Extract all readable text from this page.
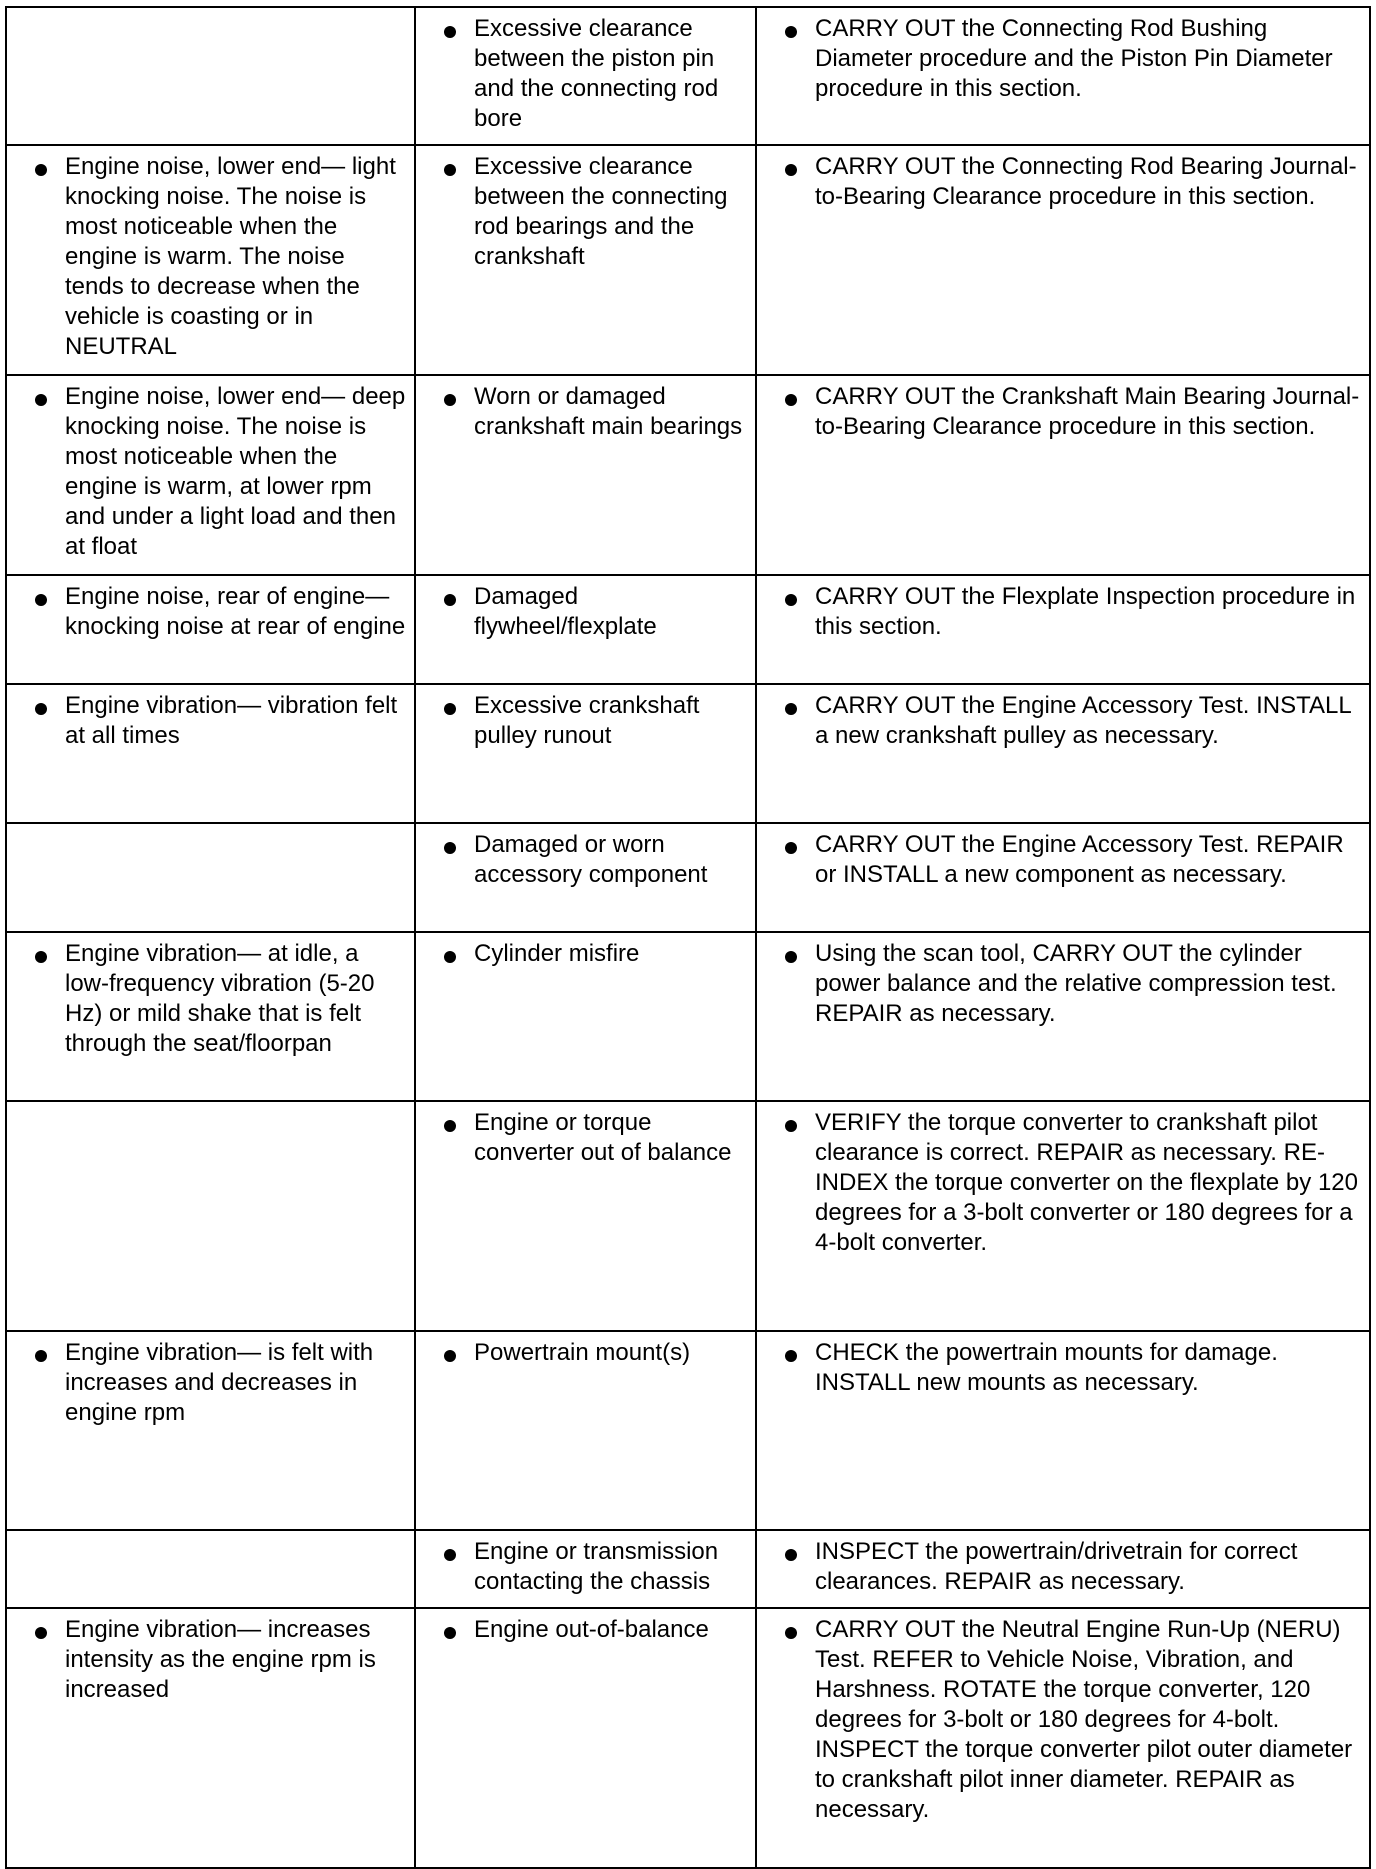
	Excessive clearance between the piston pin and the connecting rod bore	CARRY OUT the Connecting Rod Bushing Diameter procedure and the Piston Pin Diameter procedure in this section.

Engine noise, lower end— light knocking noise. The noise is most noticeable when the engine is warm. The noise tends to decrease when the vehicle is coasting or in NEUTRAL	Excessive clearance between the connecting rod bearings and the crankshaft	CARRY OUT the Connecting Rod Bearing Journal-to-Bearing Clearance procedure in this section.

Engine noise, lower end— deep knocking noise. The noise is most noticeable when the engine is warm, at lower rpm and under a light load and then at float	Worn or damaged crankshaft main bearings	CARRY OUT the Crankshaft Main Bearing Journal-to-Bearing Clearance procedure in this section.

Engine noise, rear of engine— knocking noise at rear of engine	Damaged flywheel/flexplate	CARRY OUT the Flexplate Inspection procedure in this section.

Engine vibration— vibration felt at all times	Excessive crankshaft pulley runout	CARRY OUT the Engine Accessory Test. INSTALL a new crankshaft pulley as necessary.

	Damaged or worn accessory component	CARRY OUT the Engine Accessory Test. REPAIR or INSTALL a new component as necessary.

Engine vibration— at idle, a low-frequency vibration (5-20 Hz) or mild shake that is felt through the seat/floorpan	Cylinder misfire	Using the scan tool, CARRY OUT the cylinder power balance and the relative compression test. REPAIR as necessary.

	Engine or torque converter out of balance	VERIFY the torque converter to crankshaft pilot clearance is correct. REPAIR as necessary. RE-INDEX the torque converter on the flexplate by 120 degrees for a 3-bolt converter or 180 degrees for a 4-bolt converter.

Engine vibration— is felt with increases and decreases in engine rpm	Powertrain mount(s)	CHECK the powertrain mounts for damage. INSTALL new mounts as necessary.

	Engine or transmission contacting the chassis	INSPECT the powertrain/drivetrain for correct clearances. REPAIR as necessary.

Engine vibration— increases intensity as the engine rpm is increased	Engine out-of-balance	CARRY OUT the Neutral Engine Run-Up (NERU) Test. REFER to Vehicle Noise, Vibration, and Harshness. ROTATE the torque converter, 120 degrees for 3-bolt or 180 degrees for 4-bolt. INSPECT the torque converter pilot outer diameter to crankshaft pilot inner diameter. REPAIR as necessary.
